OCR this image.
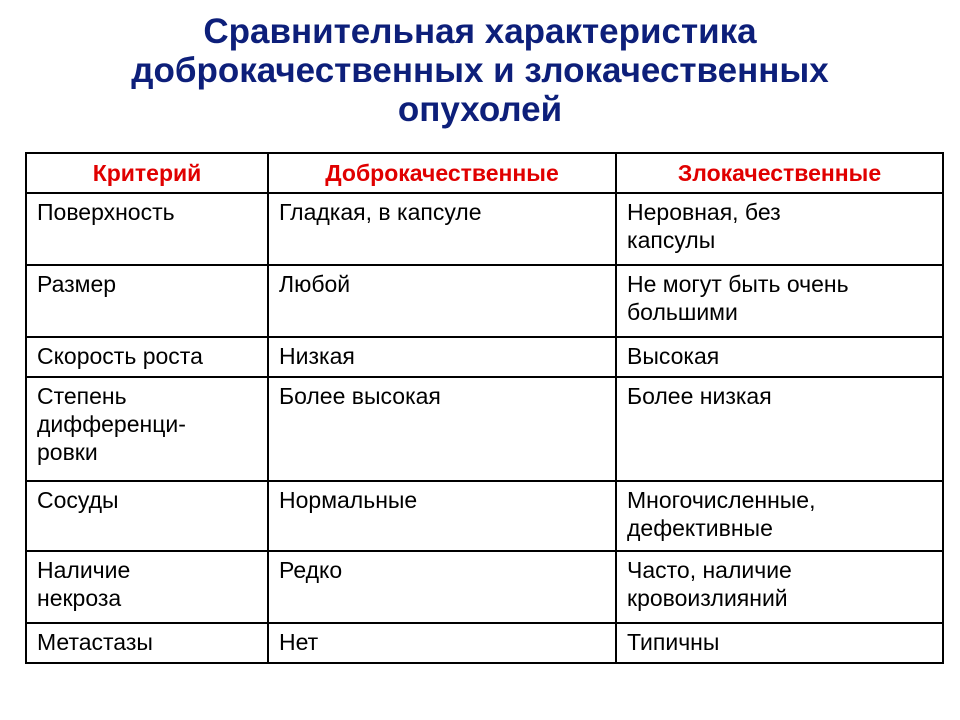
Сравнительная характеристика
доброкачественных и злокачественных
опухолей
Критерий	Доброкачественные	Злокачественные

Поверхность	Гладкая, в капсуле	Неровная, без
капсулы

Размер	Любой	Не могут быть очень
большими

Скорость роста	Низкая	Высокая

Степень
дифференци-
ровки	Более высокая	Более низкая

Сосуды	Нормальные	Многочисленные,
дефективные

Наличие
некроза	Редко	Часто, наличие
кровоизлияний

Метастазы	Нет	Типичны
